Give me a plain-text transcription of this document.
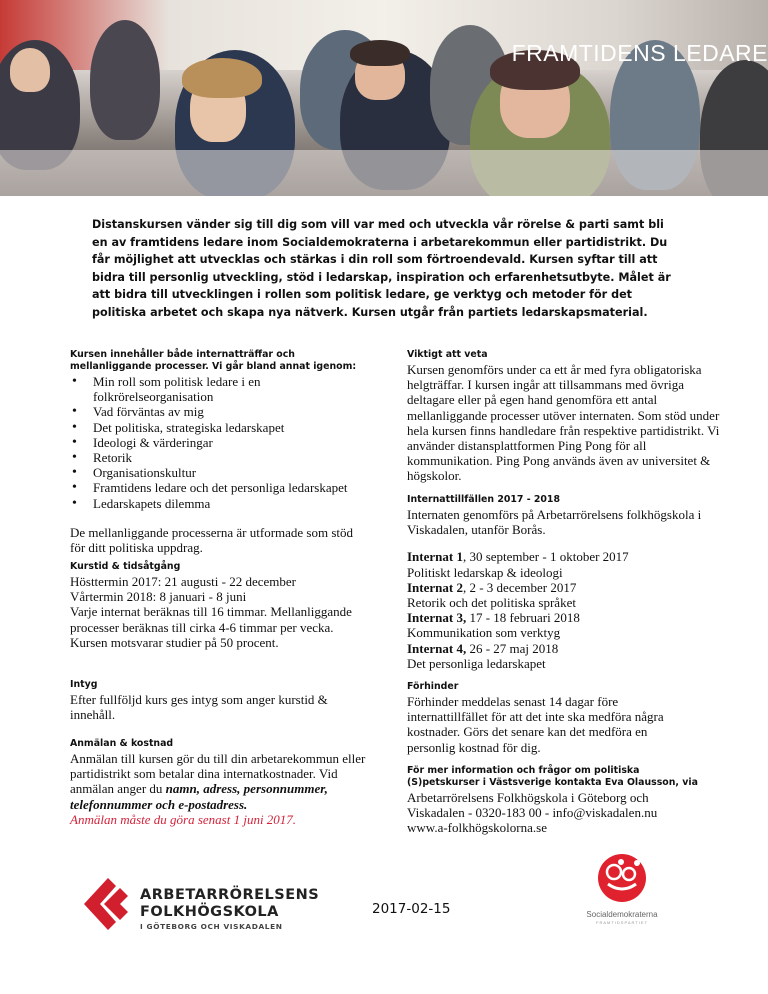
FRAMTIDENS LEDARE
Distanskursen vänder sig till dig som vill var med och utveckla vår rörelse & parti samt bli en av framtidens ledare inom Socialdemokraterna i arbetarekommun eller partidistrikt. Du får möjlighet att utvecklas och stärkas i din roll som förtroendevald. Kursen syftar till att bidra till personlig utveckling, stöd i ledarskap, inspiration och erfarenhetsutbyte. Målet är att bidra till utvecklingen i rollen som politisk ledare, ge verktyg och metoder för det politiska arbetet och skapa nya nätverk. Kursen utgår från partiets ledarskapsmaterial.
Kursen innehåller både internatträffar och mellanliggande processer. Vi går bland annat igenom:
• Min roll som politisk ledare i en folkrörelseorganisation
• Vad förväntas av mig
• Det politiska, strategiska ledarskapet
• Ideologi & värderingar
• Retorik
• Organisationskultur
• Framtidens ledare och det personliga ledarskapet
• Ledarskapets dilemma

De mellanliggande processerna är utformade som stöd för ditt politiska uppdrag.

Kurstid & tidsåtgång

Hösttermin 2017: 21 augusti - 22 december
Vårtermin 2018: 8 januari - 8 juni
Varje internat beräknas till 16 timmar. Mellanliggande processer beräknas till cirka 4-6 timmar per vecka. Kursen motsvarar studier på 50 procent.

Intyg

Efter fullföljd kurs ges intyg som anger kurstid & innehåll.

Anmälan & kostnad

Anmälan till kursen gör du till din arbetarekommun eller partidistrikt som betalar dina internatkostnader. Vid anmälan anger du namn, adress, personnummer, telefonnummer och e-postadress.

Anmälan måste du göra senast 1 juni 2017.

Viktigt att veta

Kursen genomförs under ca ett år med fyra obligatoriska helgträffar. I kursen ingår att tillsammans med övriga deltagare eller på egen hand genomföra ett antal mellanliggande processer utöver internaten. Som stöd under hela kursen finns handledare från respektive partidistrikt. Vi använder distansplattformen Ping Pong för all kommunikation. Ping Pong används även av universitet & högskolor.

Internattillfällen 2017 - 2018

Internaten genomförs på Arbetarrörelsens folkhögskola i Viskadalen, utanför Borås.

Internat 1, 30 september - 1 oktober 2017
Politiskt ledarskap & ideologi
Internat 2, 2 - 3 december 2017
Retorik och det politiska språket
Internat 3, 17 - 18 februari 2018
Kommunikation som verktyg
Internat 4, 26 - 27 maj 2018
Det personliga ledarskapet
Förhinder

Förhinder meddelas senast 14 dagar före internattillfället för att det inte ska medföra några kostnader. Görs det senare kan det medföra en personlig kostnad för dig.

För mer information och frågor om politiska (S)petskurser i Västsverige kontakta Eva Olausson, via

Arbetarrörelsens Folkhögskola i Göteborg och Viskadalen - 0320-183 00 - info@viskadalen.nu

www.a-folkhögskolorna.se

ARBETARRÖRELSENS
FOLKHÖGSKOLA
I GÖTEBORG OCH VISKADALEN
2017-02-15	Socialdemokraterna
FRAMTIDSPARTIET
